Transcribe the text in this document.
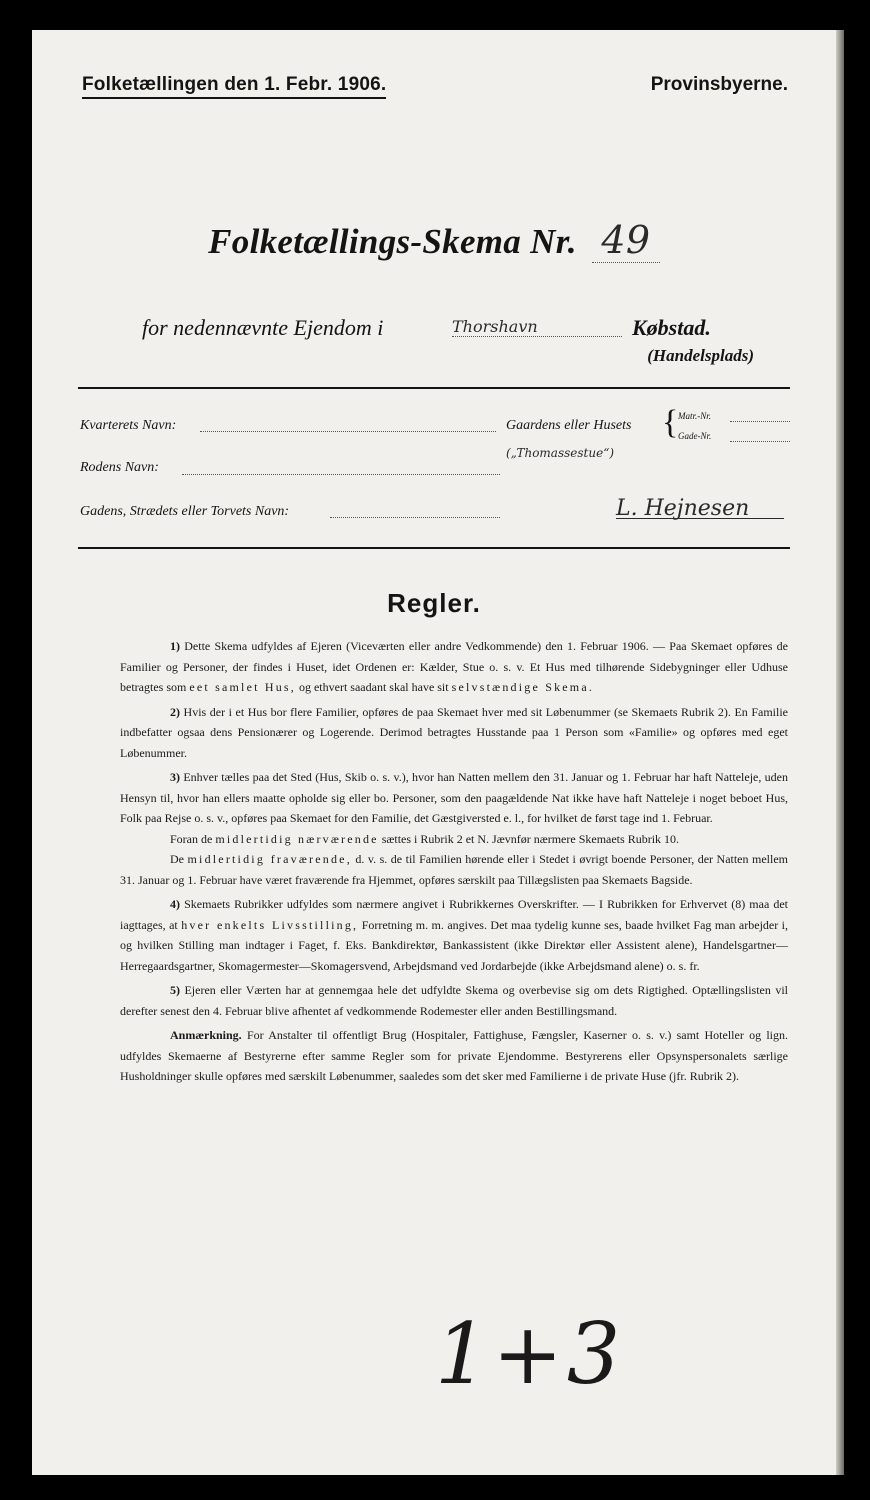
Folketællingen den 1. Febr. 1906.	Provinsbyerne.
Folketællings-Skema Nr. 49
for nedennævnte Ejendom i	Thorshavn	Købstad.
(Handelsplads)
Kvarterets Navn:	Gaardens eller Husets { Matr.-Nr.
Gade-Nr.
(„Thomassestue“)
Rodens Navn:
Gadens, Strædets eller Torvets Navn:	L. Hejnesen
Regler.

1) Dette Skema udfyldes af Ejeren (Viceværten eller andre Vedkommende) den 1. Februar 1906. — Paa Skemaet opføres de Familier og Personer, der findes i Huset, idet Ordenen er: Kælder, Stue o. s. v. Et Hus med tilhørende Sidebygninger eller Udhuse betragtes som eet samlet Hus, og ethvert saadant skal have sit selvstændige Skema.

2) Hvis der i et Hus bor flere Familier, opføres de paa Skemaet hver med sit Løbenummer (se Skemaets Rubrik 2). En Familie indbefatter ogsaa dens Pensionærer og Logerende. Derimod betragtes Husstande paa 1 Person som «Familie» og opføres med eget Løbenummer.

3) Enhver tælles paa det Sted (Hus, Skib o. s. v.), hvor han Natten mellem den 31. Januar og 1. Februar har haft Natteleje, uden Hensyn til, hvor han ellers maatte opholde sig eller bo. Personer, som den paagældende Nat ikke have haft Natteleje i noget beboet Hus, Folk paa Rejse o. s. v., opføres paa Skemaet for den Familie, det Gæstgiversted e. l., for hvilket de først tage ind 1. Februar.

Foran de midlertidig nærværende sættes i Rubrik 2 et N. Jævnfør nærmere Skemaets Rubrik 10.

De midlertidig fraværende, d. v. s. de til Familien hørende eller i Stedet i øvrigt boende Personer, der Natten mellem 31. Januar og 1. Februar have været fraværende fra Hjemmet, opføres særskilt paa Tillægslisten paa Skemaets Bagside.

4) Skemaets Rubrikker udfyldes som nærmere angivet i Rubrikkernes Overskrifter. — I Rubrikken for Erhvervet (8) maa det iagttages, at hver enkelts Livsstilling, Forretning m. m. angives. Det maa tydelig kunne ses, baade hvilket Fag man arbejder i, og hvilken Stilling man indtager i Faget, f. Eks. Bankdirektør, Bankassistent (ikke Direktør eller Assistent alene), Handelsgartner—Herregaardsgartner, Skomagermester—Skomagersvend, Arbejdsmand ved Jordarbejde (ikke Arbejdsmand alene) o. s. fr.

5) Ejeren eller Værten har at gennemgaa hele det udfyldte Skema og overbevise sig om dets Rigtighed. Optællingslisten vil derefter senest den 4. Februar blive afhentet af vedkommende Rodemester eller anden Bestillingsmand.

Anmærkning. For Anstalter til offentligt Brug (Hospitaler, Fattighuse, Fængsler, Kaserner o. s. v.) samt Hoteller og lign. udfyldes Skemaerne af Bestyrerne efter samme Regler som for private Ejendomme. Bestyrerens eller Opsynspersonalets særlige Husholdninger skulle opføres med særskilt Løbenummer, saaledes som det sker med Familierne i de private Huse (jfr. Rubrik 2).

1+3
